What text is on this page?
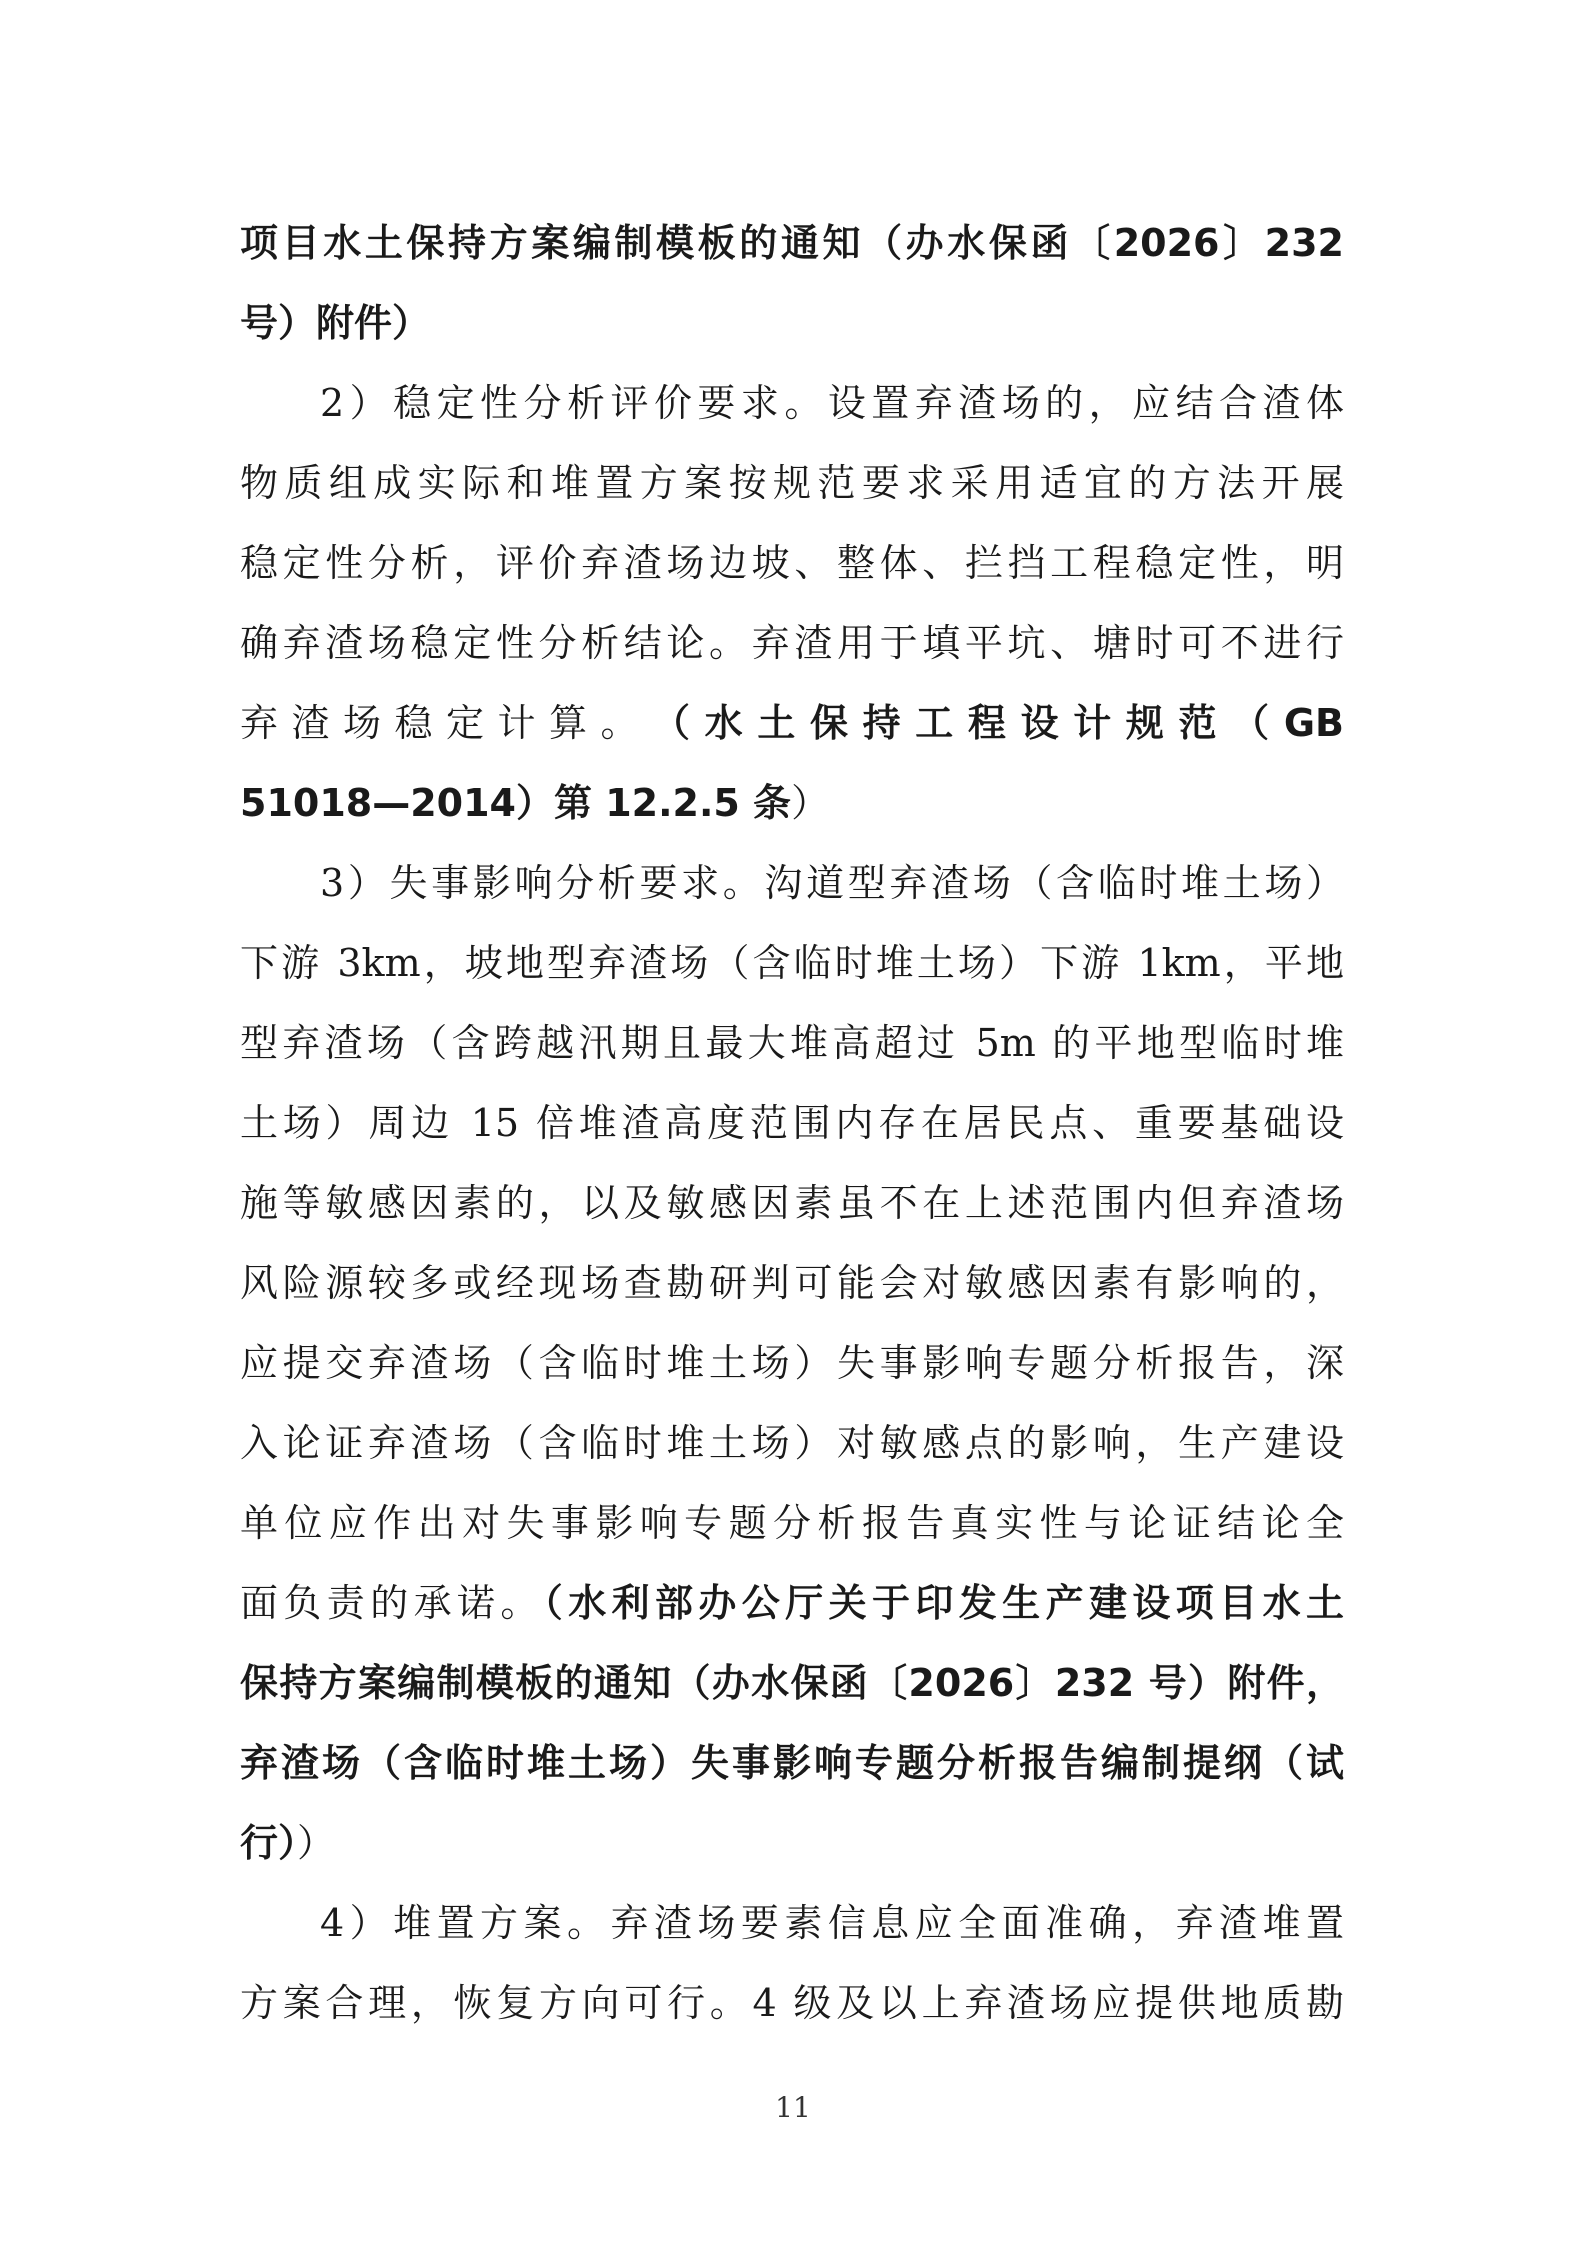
项目水土保持方案编制模板的通知（办水保函〔2026〕232
号）附件）
2）稳定性分析评价要求。设置弃渣场的，应结合渣体
物质组成实际和堆置方案按规范要求采用适宜的方法开展
稳定性分析，评价弃渣场边坡、整体、拦挡工程稳定性，明
确弃渣场稳定性分析结论。弃渣用于填平坑、塘时可不进行
弃 渣 场 稳 定 计 算 。 （ 水 土 保 持 工 程 设 计 规 范 （ GB
51018—2014）第 12.2.5 条）
3）失事影响分析要求。沟道型弃渣场（含临时堆土场）
下游 3km，坡地型弃渣场（含临时堆土场）下游 1km，平地
型弃渣场（含跨越汛期且最大堆高超过 5m 的平地型临时堆
土场）周边 15 倍堆渣高度范围内存在居民点、重要基础设
施等敏感因素的，以及敏感因素虽不在上述范围内但弃渣场
风险源较多或经现场查勘研判可能会对敏感因素有影响的，
应提交弃渣场（含临时堆土场）失事影响专题分析报告，深
入论证弃渣场（含临时堆土场）对敏感点的影响，生产建设
单位应作出对失事影响专题分析报告真实性与论证结论全
面负责的承诺。（水利部办公厅关于印发生产建设项目水土
保持方案编制模板的通知（办水保函〔2026〕232 号）附件，
弃渣场（含临时堆土场）失事影响专题分析报告编制提纲（试
行））
4）堆置方案。弃渣场要素信息应全面准确，弃渣堆置
方案合理，恢复方向可行。4 级及以上弃渣场应提供地质勘
11
